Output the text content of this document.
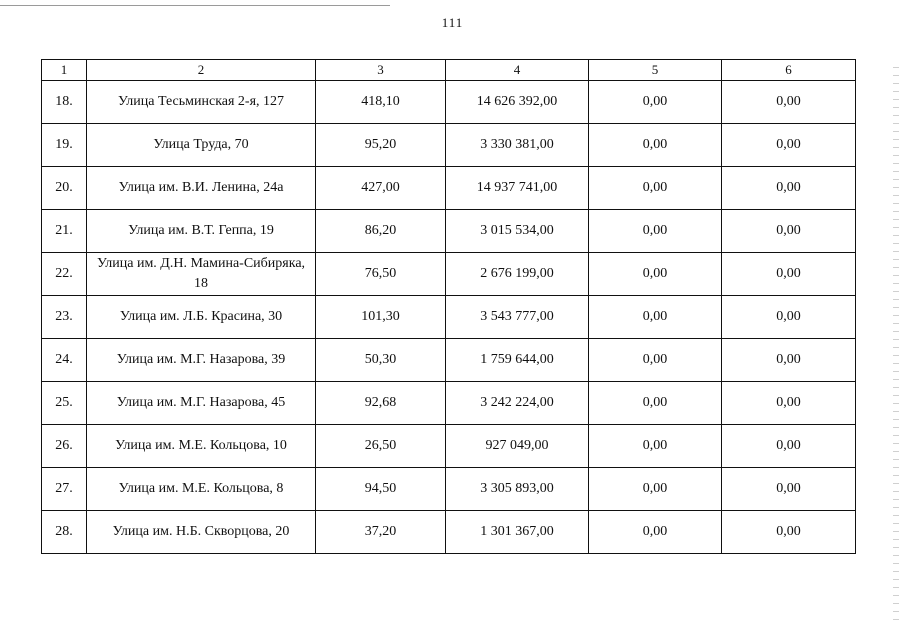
111
1	2	3	4	5	6
18.	Улица Тесьминская 2-я, 127	418,10	14 626 392,00	0,00	0,00
19.	Улица Труда, 70	95,20	3 330 381,00	0,00	0,00
20.	Улица им. В.И. Ленина, 24а	427,00	14 937 741,00	0,00	0,00
21.	Улица им. В.Т. Геппа, 19	86,20	3 015 534,00	0,00	0,00
22.	Улица им. Д.Н. Мамина-Сибиряка, 18	76,50	2 676 199,00	0,00	0,00
23.	Улица им. Л.Б. Красина, 30	101,30	3 543 777,00	0,00	0,00
24.	Улица им. М.Г. Назарова, 39	50,30	1 759 644,00	0,00	0,00
25.	Улица им. М.Г. Назарова, 45	92,68	3 242 224,00	0,00	0,00
26.	Улица им. М.Е. Кольцова, 10	26,50	927 049,00	0,00	0,00
27.	Улица им. М.Е. Кольцова, 8	94,50	3 305 893,00	0,00	0,00
28.	Улица им. Н.Б. Скворцова, 20	37,20	1 301 367,00	0,00	0,00
